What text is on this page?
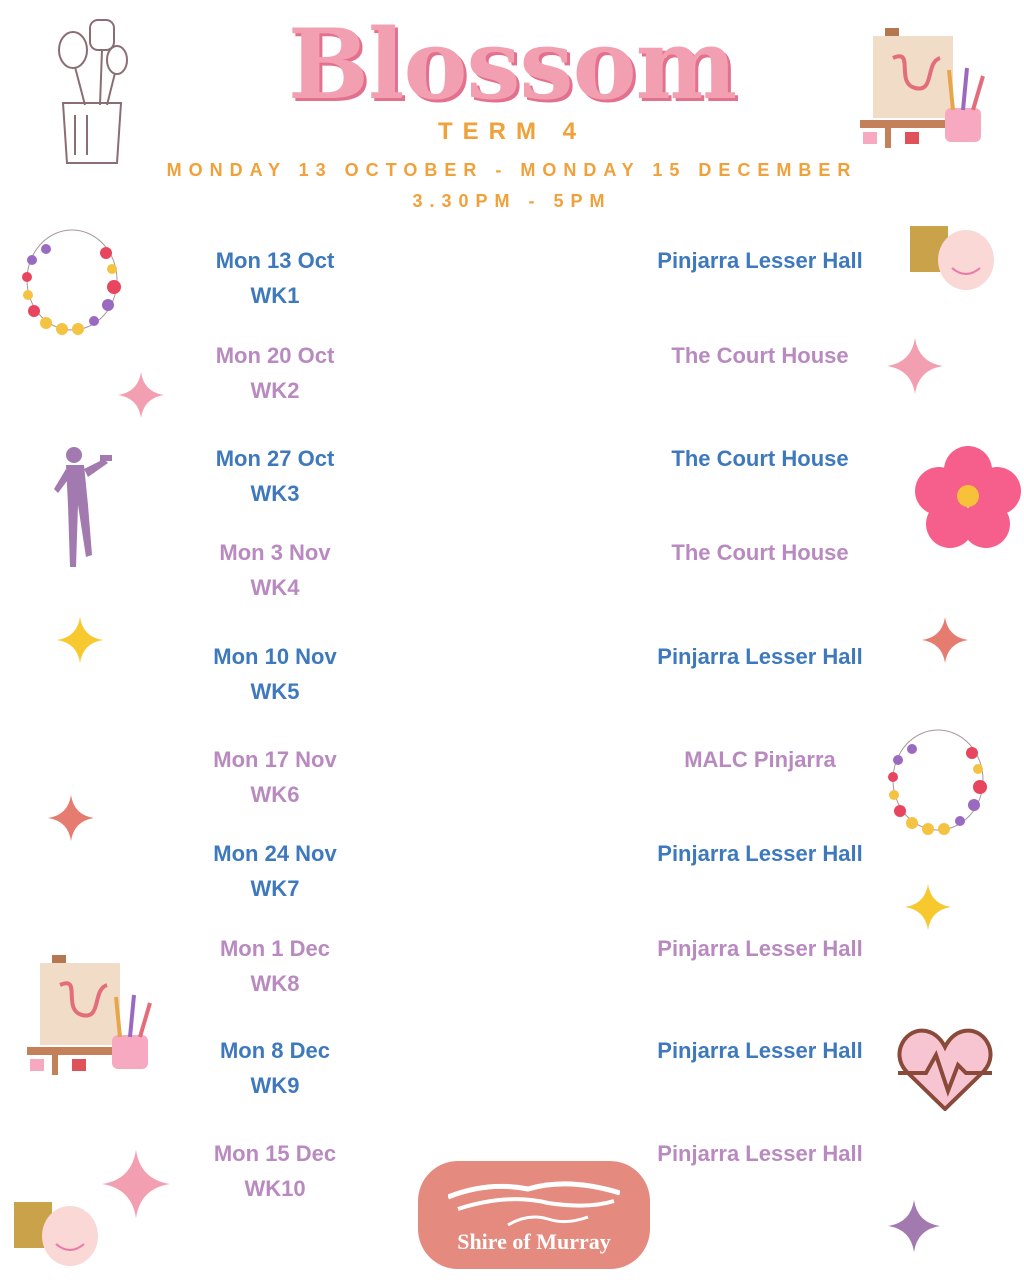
Blossom
TERM 4
MONDAY 13 OCTOBER - MONDAY 15 DECEMBER
3.30PM - 5PM
Mon 13 Oct
WK1
Pinjarra Lesser Hall
Mon 20 Oct
WK2
The Court House
Mon 27 Oct
WK3
The Court House
Mon 3 Nov
WK4
The Court House
Mon 10 Nov
WK5
Pinjarra Lesser Hall
Mon 17 Nov
WK6
MALC Pinjarra
Mon 24 Nov
WK7
Pinjarra Lesser Hall
Mon 1 Dec
WK8
Pinjarra Lesser Hall
Mon 8 Dec
WK9
Pinjarra Lesser Hall
Mon 15 Dec
WK10
Pinjarra Lesser Hall
Shire of Murray
